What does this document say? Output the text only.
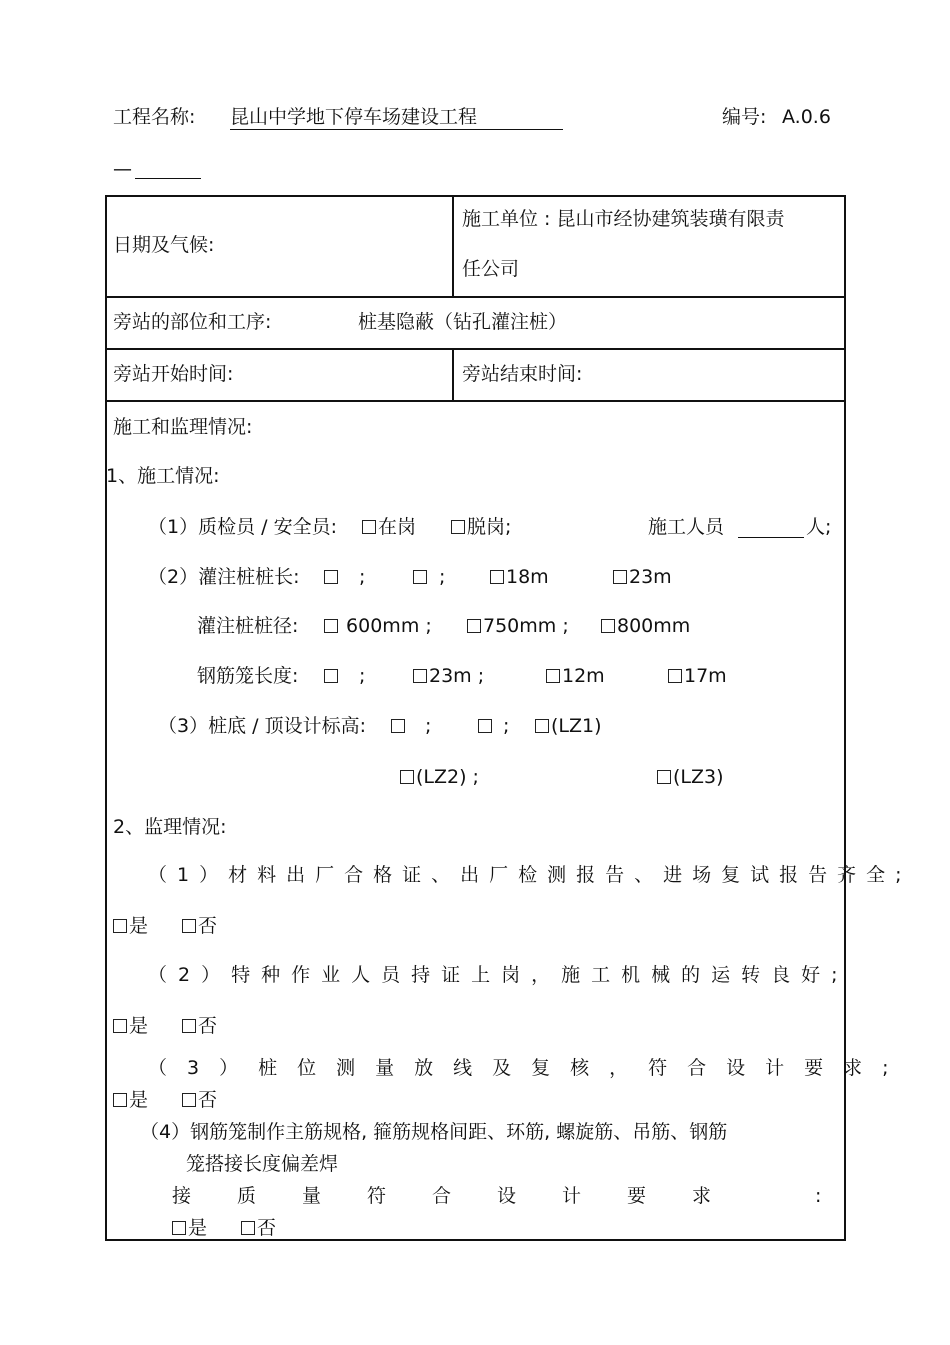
工程名称: 昆山中学地下停车场建设工程	编号: A.0.6
—
日期及气候:
施工单位 : 昆山市经协建筑装璜有限责
任公司
旁站的部位和工序:	桩基隐蔽（钻孔灌注桩）
旁站开始时间:	旁站结束时间:
施工和监理情况:
1、施工情况:
（1）质检员 / 安全员:	在岗	脱岗;	施工人员	人;
（2）灌注桩桩长:	;	;	18m	23m
灌注桩桩径:	600mm ;	750mm ;	800mm
钢筋笼长度:	;	23m ;	12m	17m
（3）桩底 / 顶设计标高:	;	;	(LZ1)
(LZ2) ;	(LZ3)
2、监理情况:
（1）材料出厂合格证、出厂检测报告、进场复试报告齐全;
是	否
（2）特种作业人员持证上岗，施工机械的运转良好;
是	否
（3）桩位测量放线及复核，符合设计要求;
是	否
（4）钢筋笼制作主筋规格, 箍筋规格间距、环筋, 螺旋筋、吊筋、钢筋
笼搭接长度偏差焊
接质量符合设计要求	:
是	否
